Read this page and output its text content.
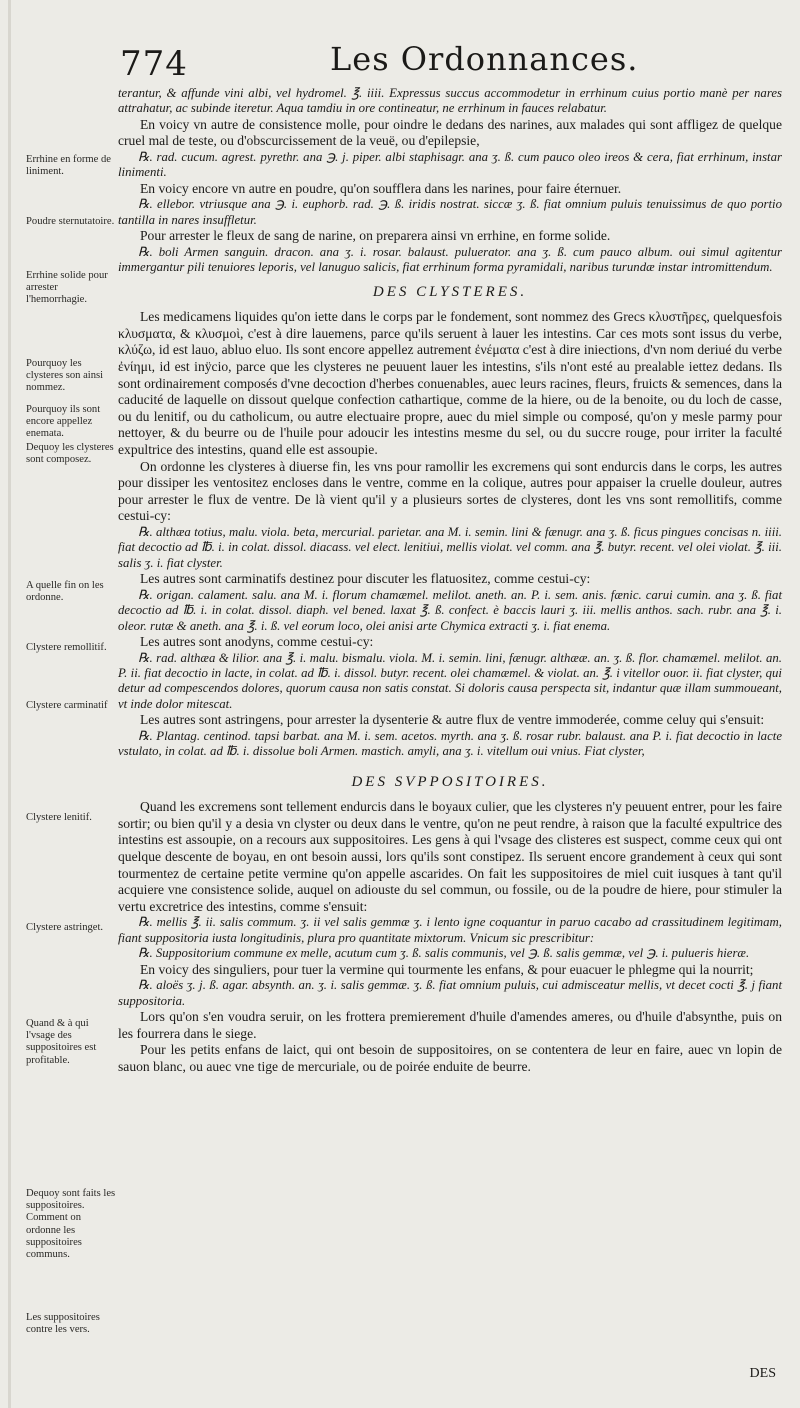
774	Les Ordonnances.
Errhine en forme de liniment.
Poudre sternutatoire.
Errhine solide pour arrester l'hemorrhagie.
Pourquoy les clysteres son ainsi nommez.
Pourquoy ils sont encore appellez enemata.
Dequoy les clysteres sont composez.
A quelle fin on les ordonne.
Clystere remollitif.
Clystere carminatif
Clystere lenitif.
Clystere astringet.
Quand & à qui l'vsage des suppositoires est profitable.
Dequoy sont faits les suppositoires. Comment on ordonne les suppositoires communs.
Les suppositoires contre les vers.

terantur, & affunde vini albi, vel hydromel. ℥. iiii. Expressus succus accommodetur in errhinum cuius portio manè per nares attrahatur, ac subinde iteretur. Aqua tamdiu in ore contineatur, ne errhinum in fauces relabatur.

En voicy vn autre de consistence molle, pour oindre le dedans des narines, aux malades qui sont affligez de quelque cruel mal de teste, ou d'obscurcissement de la veuë, ou d'epilepsie,

℞. rad. cucum. agrest. pyrethr. ana ℈. j. piper. albi staphisagr. ana ʒ. ß. cum pauco oleo ireos & cera, fiat errhinum, instar linimenti.

En voicy encore vn autre en poudre, qu'on soufflera dans les narines, pour faire éternuer.

℞. ellebor. vtriusque ana ℈. i. euphorb. rad. ℈. ß. iridis nostrat. siccæ ʒ. ß. fiat omnium puluis tenuissimus de quo portio tantilla in nares insuffletur.

Pour arrester le fleux de sang de narine, on preparera ainsi vn errhine, en forme solide.

℞. boli Armen sanguin. dracon. ana ʒ. i. rosar. balaust. puluerator. ana ʒ. ß. cum pauco album. oui simul agitentur immergantur pili tenuiores leporis, vel lanuguo salicis, fiat errhinum forma pyramidali, naribus turundæ instar intromittendum.

DES CLYSTERES.

Les medicamens liquides qu'on iette dans le corps par le fondement, sont nommez des Grecs κλυστῆρες, quelquesfois κλυσματα, & κλυσμοὶ, c'est à dire lauemens, parce qu'ils seruent à lauer les intestins. Car ces mots sont issus du verbe, κλύζω, id est lauo, abluo eluo. Ils sont encore appellez autrement ἐνέματα c'est à dire iniections, d'vn nom deriué du verbe ἐνίημι, id est inÿcio, parce que les clysteres ne peuuent lauer les intestins, s'ils n'ont esté au prealable iettez dedans. Ils sont ordinairement composés d'vne decoction d'herbes conuenables, auec leurs racines, fleurs, fruicts & semences, dans la caducité de laquelle on dissout quelque confection cathartique, comme de la hiere, ou de la benoite, ou du loch de casse, ou du lenitif, ou du catholicum, ou autre electuaire propre, auec du miel simple ou composé, qu'on y mesle parmy pour nettoyer, & du beurre ou de l'huile pour adoucir les intestins mesme du sel, ou du succre rouge, pour irriter la faculté expultrice des intestins, quand elle est assoupie.

On ordonne les clysteres à diuerse fin, les vns pour ramollir les excremens qui sont endurcis dans le corps, les autres pour dissiper les ventositez encloses dans le ventre, comme en la colique, autres pour appaiser la cruelle douleur, autres pour arrester le flux de ventre. De là vient qu'il y a plusieurs sortes de clysteres, dont les vns sont remollitifs, comme cestui-cy:

℞. althæa totius, malu. viola. beta, mercurial. parietar. ana M. i. semin. lini & fænugr. ana ʒ. ß. ficus pingues concisas n. iiii. fiat decoctio ad ℔. i. in colat. dissol. diacass. vel elect. lenitiui, mellis violat. vel comm. ana ℥. butyr. recent. vel olei violat. ℥. iii. salis ʒ. i. fiat clyster.

Les autres sont carminatifs destinez pour discuter les flatuositez, comme cestui-cy:

℞. origan. calament. salu. ana M. i. florum chamæmel. melilot. aneth. an. P. i. sem. anis. fænic. carui cumin. ana ʒ. ß. fiat decoctio ad ℔. i. in colat. dissol. diaph. vel bened. laxat ℥. ß. confect. è baccis lauri ʒ. iii. mellis anthos. sach. rubr. ana ℥. i. oleor. rutæ & aneth. ana ℥. i. ß. vel eorum loco, olei anisi arte Chymica extracti ʒ. i. fiat enema.

Les autres sont anodyns, comme cestui-cy:

℞. rad. althæa & lilior. ana ℥. i. malu. bismalu. viola. M. i. semin. lini, fænugr. althææ. an. ʒ. ß. flor. chamæmel. melilot. an. P. ii. fiat decoctio in lacte, in colat. ad ℔. i. dissol. butyr. recent. olei chamæmel. & violat. an. ℥. i vitellor ouor. ii. fiat clyster, qui detur ad compescendos dolores, quorum causa non satis constat. Si doloris causa perspecta sit, indantur quæ illam summoueant, vt inde dolor mitescat.

Les autres sont astringens, pour arrester la dysenterie & autre flux de ventre immoderée, comme celuy qui s'ensuit:

℞. Plantag. centinod. tapsi barbat. ana M. i. sem. acetos. myrth. ana ʒ. ß. rosar rubr. balaust. ana P. i. fiat decoctio in lacte vstulato, in colat. ad ℔. i. dissolue boli Armen. mastich. amyli, ana ʒ. i. vitellum oui vnius. Fiat clyster,

DES SVPPOSITOIRES.

Quand les excremens sont tellement endurcis dans le boyaux culier, que les clysteres n'y peuuent entrer, pour les faire sortir; ou bien qu'il y a desia vn clyster ou deux dans le ventre, qu'on ne peut rendre, à raison que la faculté expultrice des intestins est assoupie, on a recours aux suppositoires. Les gens à qui l'vsage des clisteres est suspect, comme ceux qui ont quelque descente de boyau, en ont besoin aussi, lors qu'ils sont constipez. Ils seruent encore grandement à ceux qui sont tourmentez de certaine petite vermine qu'on appelle ascarides. On fait les suppositoires de miel cuit iusques à tant qu'il acquiere vne consistence solide, auquel on adiouste du sel commun, ou fossile, ou de la poudre de hiere, pour stimuler la vertu excretrice des intestins, comme s'ensuit:

℞. mellis ℥. ii. salis commum. ʒ. ii vel salis gemmæ ʒ. i lento igne coquantur in paruo cacabo ad crassitudinem legitimam, fiant suppositoria iusta longitudinis, plura pro quantitate mixtorum. Vnicum sic prescribitur:

℞. Suppositorium commune ex melle, acutum cum ʒ. ß. salis communis, vel ℈. ß. salis gemmæ, vel ℈. i. pulueris hieræ.

En voicy des singuliers, pour tuer la vermine qui tourmente les enfans, & pour euacuer le phlegme qui la nourrit;

℞. aloës ʒ. j. ß. agar. absynth. an. ʒ. i. salis gemmæ. ʒ. ß. fiat omnium puluis, cui admisceatur mellis, vt decet cocti ℥. j fiant suppositoria.

Lors qu'on s'en voudra seruir, on les frottera premierement d'huile d'amendes ameres, ou d'huile d'absynthe, puis on les fourrera dans le siege.

Pour les petits enfans de laict, qui ont besoin de suppositoires, on se contentera de leur en faire, auec vn lopin de sauon blanc, ou auec vne tige de mercuriale, ou de poirée enduite de beurre.

DES
